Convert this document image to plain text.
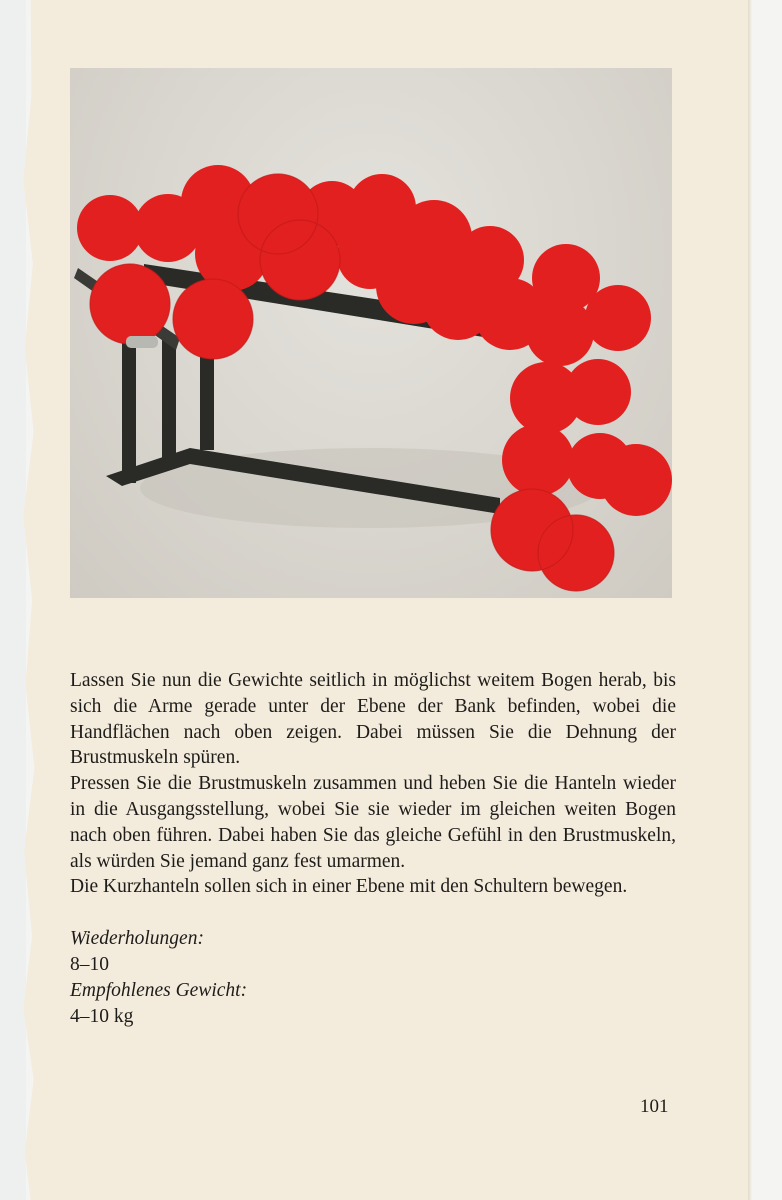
Lassen Sie nun die Gewichte seitlich in möglichst weitem Bogen herab, bis sich die Arme gerade unter der Ebene der Bank befinden, wobei die Handflächen nach oben zeigen. Dabei müssen Sie die Dehnung der Brustmuskeln spüren.

Pressen Sie die Brustmuskeln zusammen und heben Sie die Hanteln wieder in die Ausgangsstellung, wobei Sie sie wieder im gleichen weiten Bogen nach oben führen. Dabei haben Sie das gleiche Gefühl in den Brustmuskeln, als würden Sie jemand ganz fest umarmen.

Die Kurzhanteln sollen sich in einer Ebene mit den Schultern bewegen.

Wiederholungen:

8–10

Empfohlenes Gewicht:

4–10 kg

101
